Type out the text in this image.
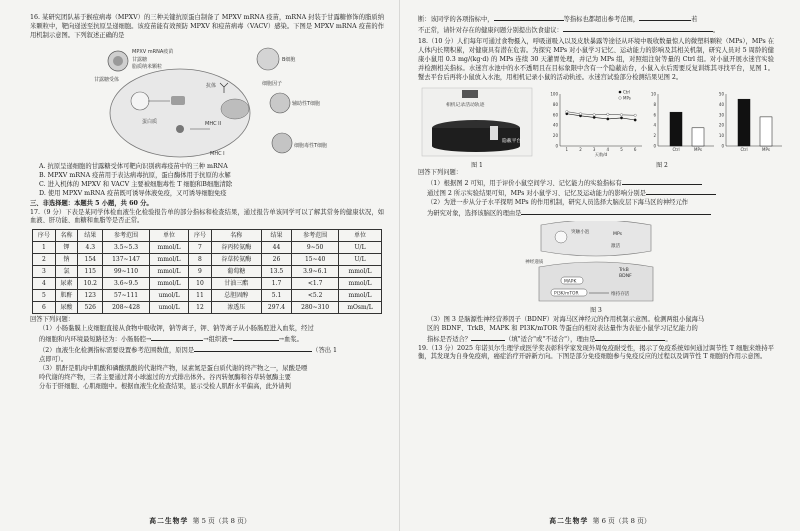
16. 某研究团队基于猴痘病毒（MPXV）的三种关键抗原蛋白制备了 MPXV mRNA 疫苗，mRNA 封装于甘露糖修饰的脂质纳米颗粒中，靶向递送至抗原呈递细胞。该疫苗能有效预防 MPXV 和痘苗病毒（VACV）感染。下图是 MPXV mRNA 疫苗的作用机制示意图。下列叙述正确的是

MPXV mRNA疫苗
甘露糖
脂质纳米颗粒
甘露糖受体
蛋白质	MHC II
MHC I
抗体
B细胞
辅助性T细胞
细胞因子
细胞毒性T细胞

A. 抗原呈递细胞的甘露糖受体可靶向识别病毒疫苗中的三种 mRNA

B. MPXV mRNA 疫苗用于表达病毒抗原，蛋白酶体用于抗原的水解

C. 进入机体的 MPXV 和 VACV 主要被细胞毒性 T 细胞和B细胞清除

D. 使用 MPXV mRNA 疫苗既可诱导体液免疫，又可诱导细胞免疫

三、非选择题：本题共 5 小题，共 60 分。

17.（9 分）下表是某同学体检血液生化检验报告单的部分指标和检查结果，通过报告单该同学可以了解其常务的健康状况，如血液、肝功能、血糖和血脂等是否正常。

序号	名称	结果	参考范围	单位	序号	名称	结果	参考范围	单位
1	钾	4.3	3.5~5.3	mmol/L	7	谷丙转氨酶	44	9~50	U/L
2	钠	154	137~147	mmol/L	8	谷草转氨酶	26	15~40	U/L
3	氯	115	99~110	mmol/L	9	葡萄糖	13.5	3.9~6.1	mmol/L
4	尿素	10.2	3.6~9.5	mmol/L	10	甘油三酯	1.7	<1.7	mmol/L
5	肌酐	123	57~111	umol/L	11	总胆固醇	5.1	<5.2	mmol/L
6	尿酸	526	208~428	umol/L	12	渗透压	297.4	280~310	mOsm/L

回答下列问题：

（1）小肠黏膜上皮细胞直接从食物中吸收钾，钠等离子，钾、钠等离子从小肠肠腔进入血浆，经过

的细胞和内环境最短路径为：小肠肠腔→	→组织液→	→血浆。

（2）血液生化检测指标需要设置参考范围数值，原因是	（答出 1

点即可）。

（3）肌酐是肌肉中肌酸和磷酸肌酸的代谢终产物，尿素氮是蛋白质代谢的终产物之一，尿酸是嘌

呤代谢的终产物，三者主要通过肾小球滤过的方式排出体外。谷丙转氨酶和谷草转氨酶主要

分布于肝细胞、心肌细胞中。根据血液生化检查结果，显示受检人肌酐水平偏高，此外请判

高二生物学 第 5 页（共 8 页）

断：该同学的各项指标中，	等指标也都超出参考范围，	若

不正常，请针对存在的健康问题分别提出饮食建议：	。

18.（10 分）人们每年可通过食物摄入，呼吸道吸入以及皮肤暴露等途径从环境中吸收数量惊人的微塑料颗粒（MPs），MPs 在人体内长期积累，对健康具有潜在危害。为探究 MPs 对小鼠学习记忆、运动能力的影响及其相关机制，研究人员对 5 周龄的健康小鼠用 0.3 mg/(kg·d) 的 MPs 连续 30 天灌胃处理，并记为 MPs 组，对照组注射等量的 Ctrl 组。对小鼠开展水迷宫实验并检测相关指标。水迷宫水池中的水不透明且在目标象限中含有一个隐蔽站台，小鼠入水后需要反复训练其寻找平台，见图 1。蟹去平台后再将小鼠放入水池，用相机记录小鼠的活动轨迹。水迷宫试验部分检测结果见图 2。

相机记录活动轨迹
隐蔽平台
图 1
0
20
40
60
80
100
1	2	3	4	5	6
天数/d
Ctrl
MPs
0
2
4
6
8
10
Ctrl	MPs
0
10
20
30
40
50
Ctrl	MPs
图 2

回答下列问题：

（1）根据图 2 可知，用于评价小鼠空间学习、记忆能力的实验指标有

通过图 2 所示实验结果可知，MPs 对小鼠学习、记忆及运动能力的影响分别是

（2）为进一步从分子水平探明 MPs 的作用机制，研究人员选择大脑皮层下海马区的神经元作

为研究对象，选择该脑区的理由是

突触小泡	MPs
激活
神经递质
TrkB
BDNF
MAPK
PI3K/mTOR	维持存活
图 3

（3）图 3 是脑源性神经营养因子（BDNF）对海马区神经元的作用机制示意图。检测两组小鼠海马

区的 BDNF、TrkB、MAPK 和 PI3K/mTOR 等蛋白的相对表达量作为表征小鼠学习记忆能力的

指标是否适合？	（填"适合"或"不适合"），理由是	。

19.（13 分）2025 年诺贝尔生理学或医学奖表彰科学家发现外周免疫耐受性，揭示了免疫系统如何通过调节性 T 细胞来维持平衡，其发现为自身免疫病，癌症治疗开辟新方向。下图是部分免疫细胞参与免疫反应的过程以及调节性 T 细胞的作用示意图。

高二生物学 第 6 页（共 8 页）
